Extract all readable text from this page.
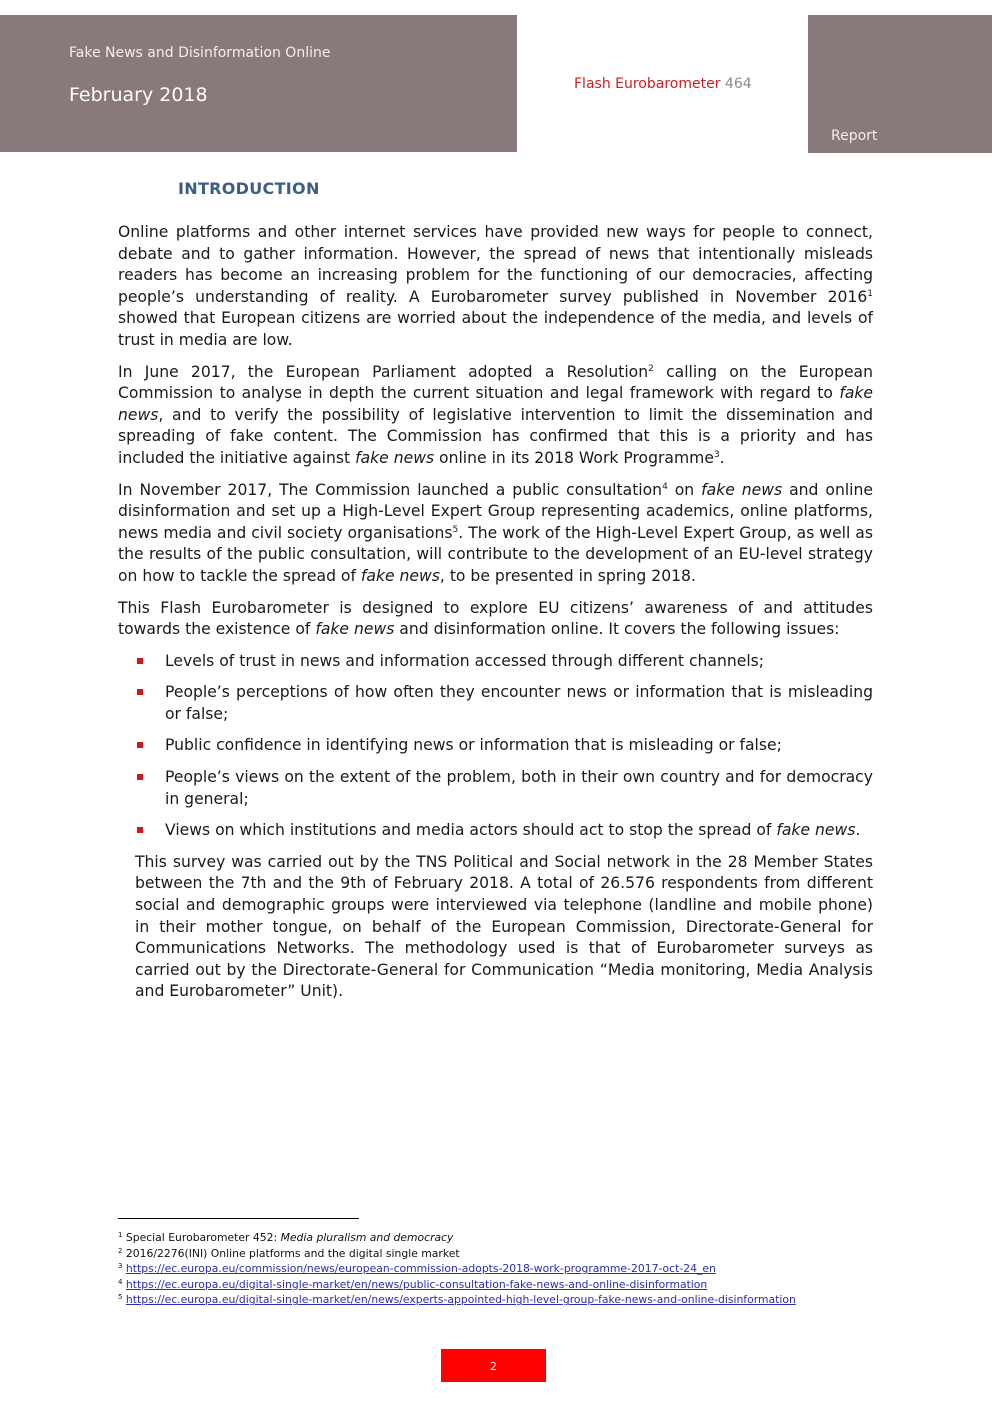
Fake News and Disinformation Online
February 2018	Flash Eurobarometer 464
Report
INTRODUCTION

Online platforms and other internet services have provided new ways for people to connect, debate and to gather information. However, the spread of news that intentionally misleads readers has become an increasing problem for the functioning of our democracies, affecting people’s understanding of reality. A Eurobarometer survey published in November 2016$^1$ showed that European citizens are worried about the independence of the media, and levels of trust in media are low.

In June 2017, the European Parliament adopted a Resolution$^2$ calling on the European Commission to analyse in depth the current situation and legal framework with regard to fake news, and to verify the possibility of legislative intervention to limit the dissemination and spreading of fake content. The Commission has confirmed that this is a priority and has included the initiative against fake news online in its 2018 Work Programme$^3$.

In November 2017, The Commission launched a public consultation$^4$ on fake news and online disinformation and set up a High-Level Expert Group representing academics, online platforms, news media and civil society organisations$^5$. The work of the High-Level Expert Group, as well as the results of the public consultation, will contribute to the development of an EU-level strategy on how to tackle the spread of fake news, to be presented in spring 2018.

This Flash Eurobarometer is designed to explore EU citizens’ awareness of and attitudes towards the existence of fake news and disinformation online. It covers the following issues:

Levels of trust in news and information accessed through different channels;
People’s perceptions of how often they encounter news or information that is misleading or false;
Public confidence in identifying news or information that is misleading or false;
People’s views on the extent of the problem, both in their own country and for democracy in general;
Views on which institutions and media actors should act to stop the spread of fake news.

This survey was carried out by the TNS Political and Social network in the 28 Member States between the 7th and the 9th of February 2018. A total of 26.576 respondents from different social and demographic groups were interviewed via telephone (landline and mobile phone) in their mother tongue, on behalf of the European Commission, Directorate-General for Communications Networks. The methodology used is that of Eurobarometer surveys as carried out by the Directorate-General for Communication “Media monitoring, Media Analysis and Eurobarometer” Unit).

$^1$ Special Eurobarometer 452: Media pluralism and democracy
$^2$ 2016/2276(INI) Online platforms and the digital single market
$^3$ https://ec.europa.eu/commission/news/european-commission-adopts-2018-work-programme-2017-oct-24_en
$^4$ https://ec.europa.eu/digital-single-market/en/news/public-consultation-fake-news-and-online-disinformation
$^5$ https://ec.europa.eu/digital-single-market/en/news/experts-appointed-high-level-group-fake-news-and-online-disinformation
2
